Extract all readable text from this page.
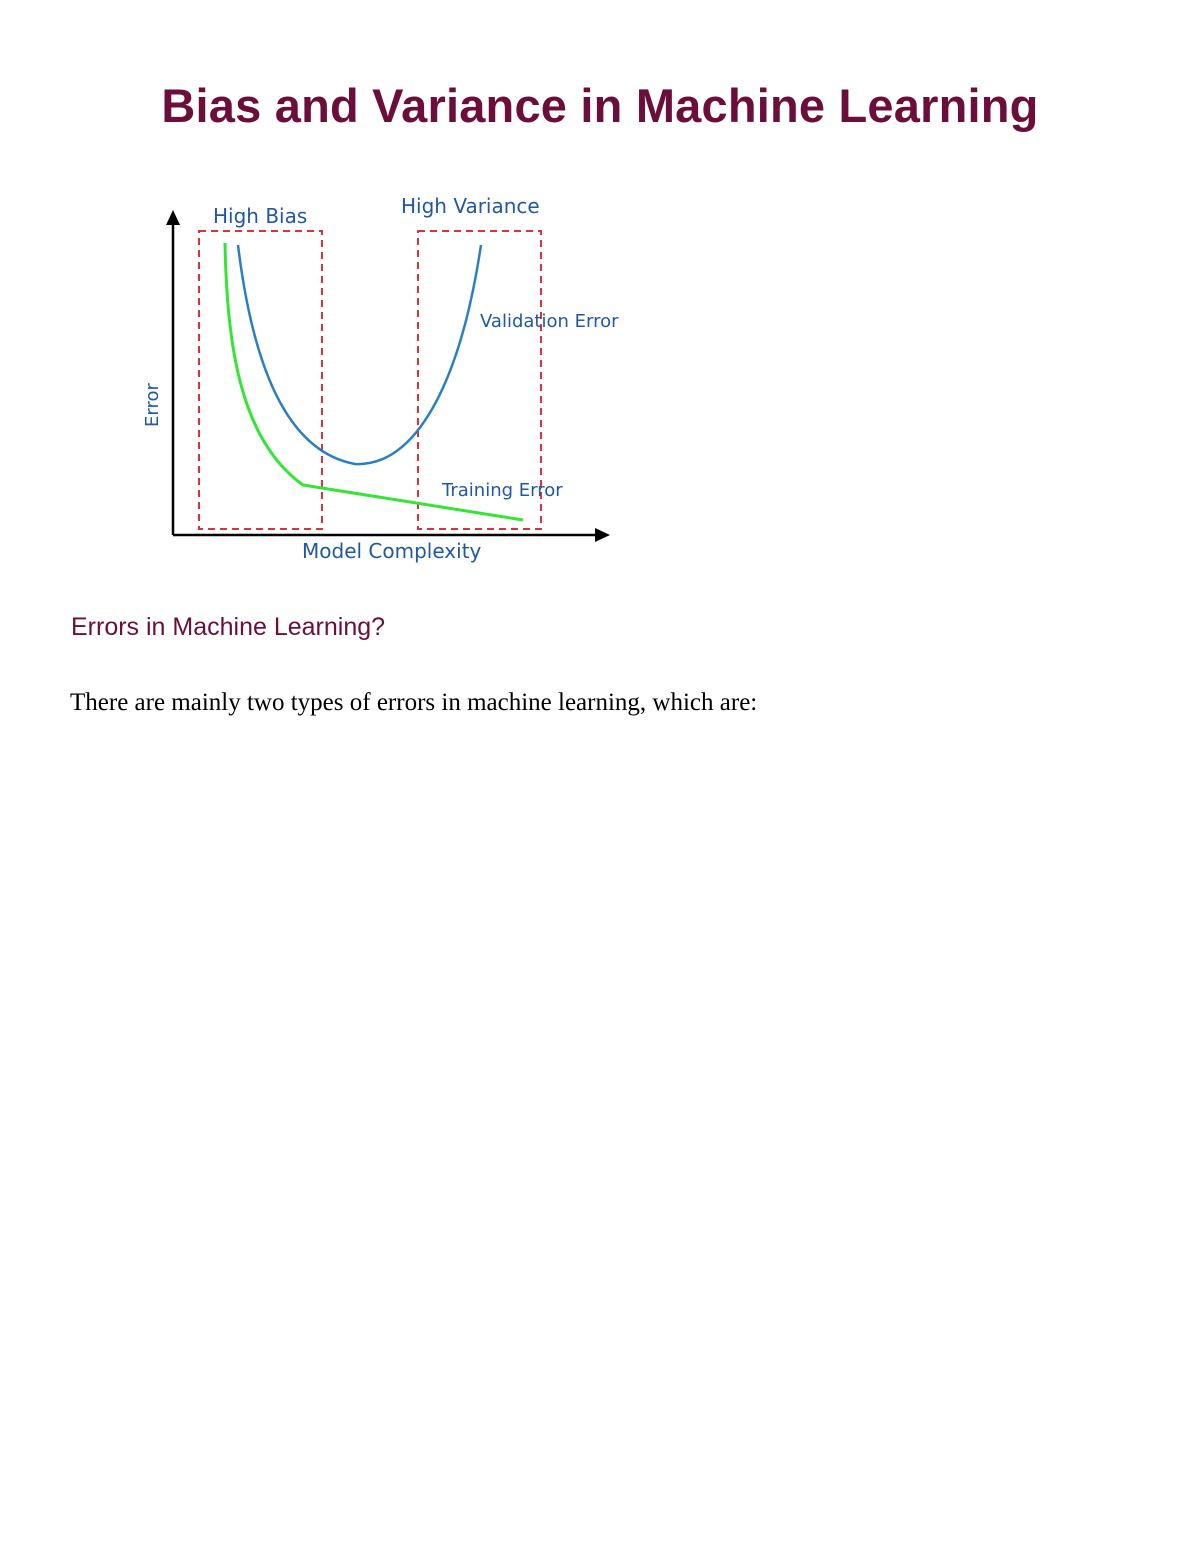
Bias and Variance in Machine Learning
High Bias	High Variance
Validation Error
Training Error
Model Complexity
Error
Errors in Machine Learning?

There are mainly two types of errors in machine learning, which are:
